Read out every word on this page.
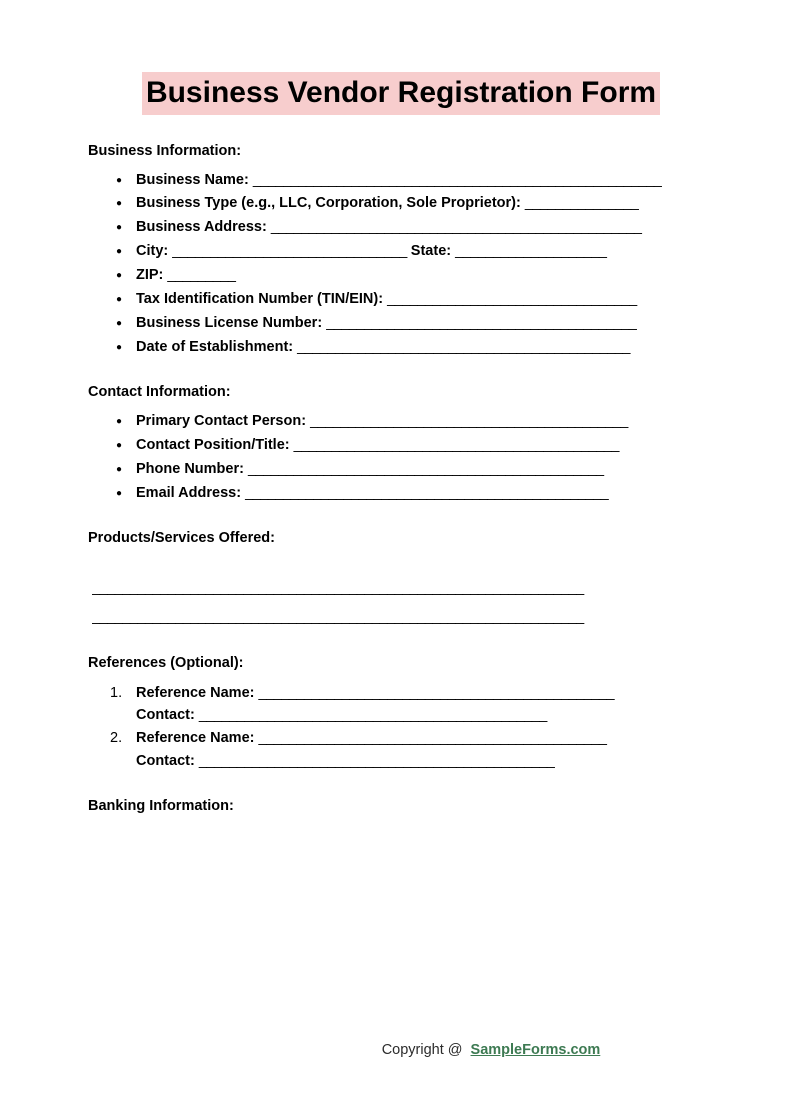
Business Vendor Registration Form
Business Information:
● Business Name: ______________________________________________________
● Business Type (e.g., LLC, Corporation, Sole Proprietor): _______________
● Business Address: _________________________________________________
● City: _______________________________ State: ____________________
● ZIP: _________
● Tax Identification Number (TIN/EIN): _________________________________
● Business License Number: _________________________________________
● Date of Establishment: ____________________________________________
Contact Information:
● Primary Contact Person: __________________________________________
● Contact Position/Title: ___________________________________________
● Phone Number: _______________________________________________
● Email Address: ________________________________________________
Products/Services Offered:
_________________________________________________________________
_________________________________________________________________
References (Optional):
Reference Name: _______________________________________________
Contact: ______________________________________________
Reference Name: ______________________________________________
Contact: _______________________________________________
Banking Information:
Copyright @ SampleForms.com
